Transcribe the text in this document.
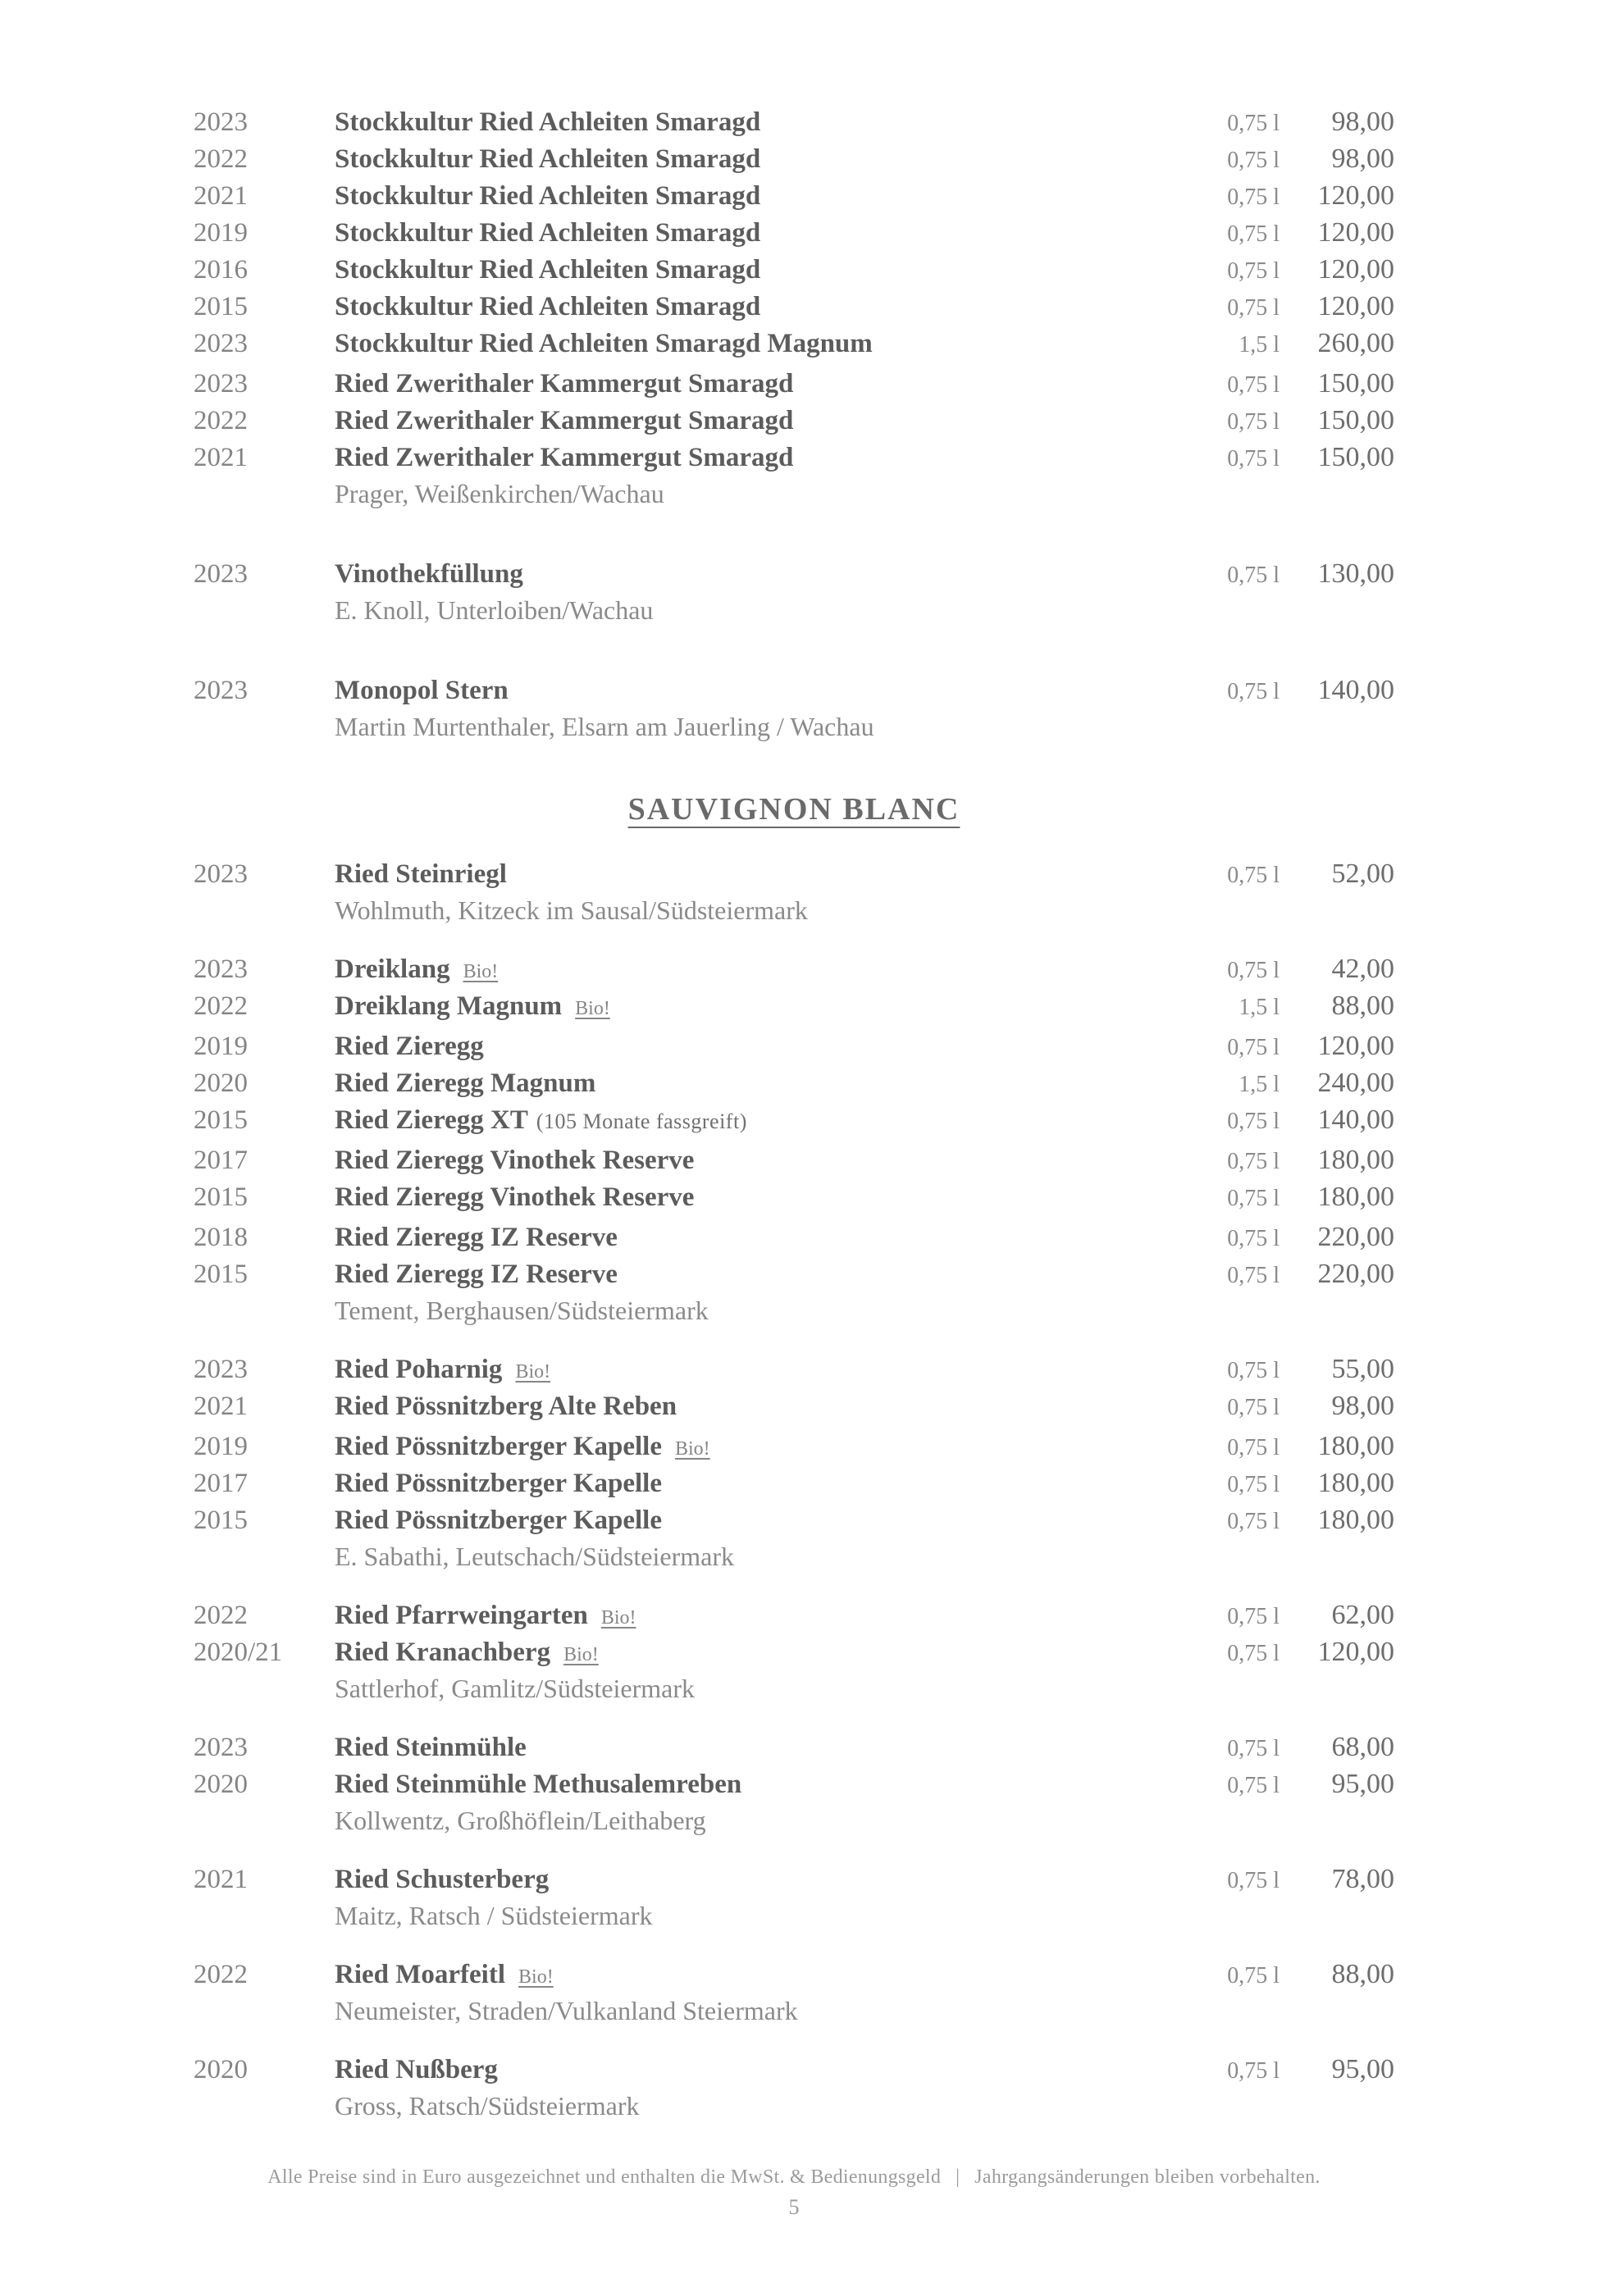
2023	Stockkultur Ried Achleiten Smaragd	0,75 l	98,00
2022	Stockkultur Ried Achleiten Smaragd	0,75 l	98,00
2021	Stockkultur Ried Achleiten Smaragd	0,75 l	120,00
2019	Stockkultur Ried Achleiten Smaragd	0,75 l	120,00
2016	Stockkultur Ried Achleiten Smaragd	0,75 l	120,00
2015	Stockkultur Ried Achleiten Smaragd	0,75 l	120,00
2023	Stockkultur Ried Achleiten Smaragd Magnum	1,5 l	260,00
2023	Ried Zwerithaler Kammergut Smaragd	0,75 l	150,00
2022	Ried Zwerithaler Kammergut Smaragd	0,75 l	150,00
2021	Ried Zwerithaler Kammergut Smaragd	0,75 l	150,00
Prager, Weißenkirchen/Wachau
2023	Vinothekfüllung	0,75 l	130,00
E. Knoll, Unterloiben/Wachau
2023	Monopol Stern	0,75 l	140,00
Martin Murtenthaler, Elsarn am Jauerling / Wachau
SAUVIGNON BLANC
2023	Ried Steinriegl	0,75 l	52,00
Wohlmuth, Kitzeck im Sausal/Südsteiermark
2023	Dreiklang Bio!	0,75 l	42,00
2022	Dreiklang Magnum Bio!	1,5 l	88,00
2019	Ried Zieregg	0,75 l	120,00
2020	Ried Zieregg Magnum	1,5 l	240,00
2015	Ried Zieregg XT (105 Monate fassgreift)	0,75 l	140,00
2017	Ried Zieregg Vinothek Reserve	0,75 l	180,00
2015	Ried Zieregg Vinothek Reserve	0,75 l	180,00
2018	Ried Zieregg IZ Reserve	0,75 l	220,00
2015	Ried Zieregg IZ Reserve	0,75 l	220,00
Tement, Berghausen/Südsteiermark
2023	Ried Poharnig Bio!	0,75 l	55,00
2021	Ried Pössnitzberg Alte Reben	0,75 l	98,00
2019	Ried Pössnitzberger Kapelle Bio!	0,75 l	180,00
2017	Ried Pössnitzberger Kapelle	0,75 l	180,00
2015	Ried Pössnitzberger Kapelle	0,75 l	180,00
E. Sabathi, Leutschach/Südsteiermark
2022	Ried Pfarrweingarten Bio!	0,75 l	62,00
2020/21	Ried Kranachberg Bio!	0,75 l	120,00
Sattlerhof, Gamlitz/Südsteiermark
2023	Ried Steinmühle	0,75 l	68,00
2020	Ried Steinmühle Methusalemreben	0,75 l	95,00
Kollwentz, Großhöflein/Leithaberg
2021	Ried Schusterberg	0,75 l	78,00
Maitz, Ratsch / Südsteiermark
2022	Ried Moarfeitl Bio!	0,75 l	88,00
Neumeister, Straden/Vulkanland Steiermark
2020	Ried Nußberg	0,75 l	95,00
Gross, Ratsch/Südsteiermark
Alle Preise sind in Euro ausgezeichnet und enthalten die MwSt. & Bedienungsgeld | Jahrgangsänderungen bleiben vorbehalten.
5
